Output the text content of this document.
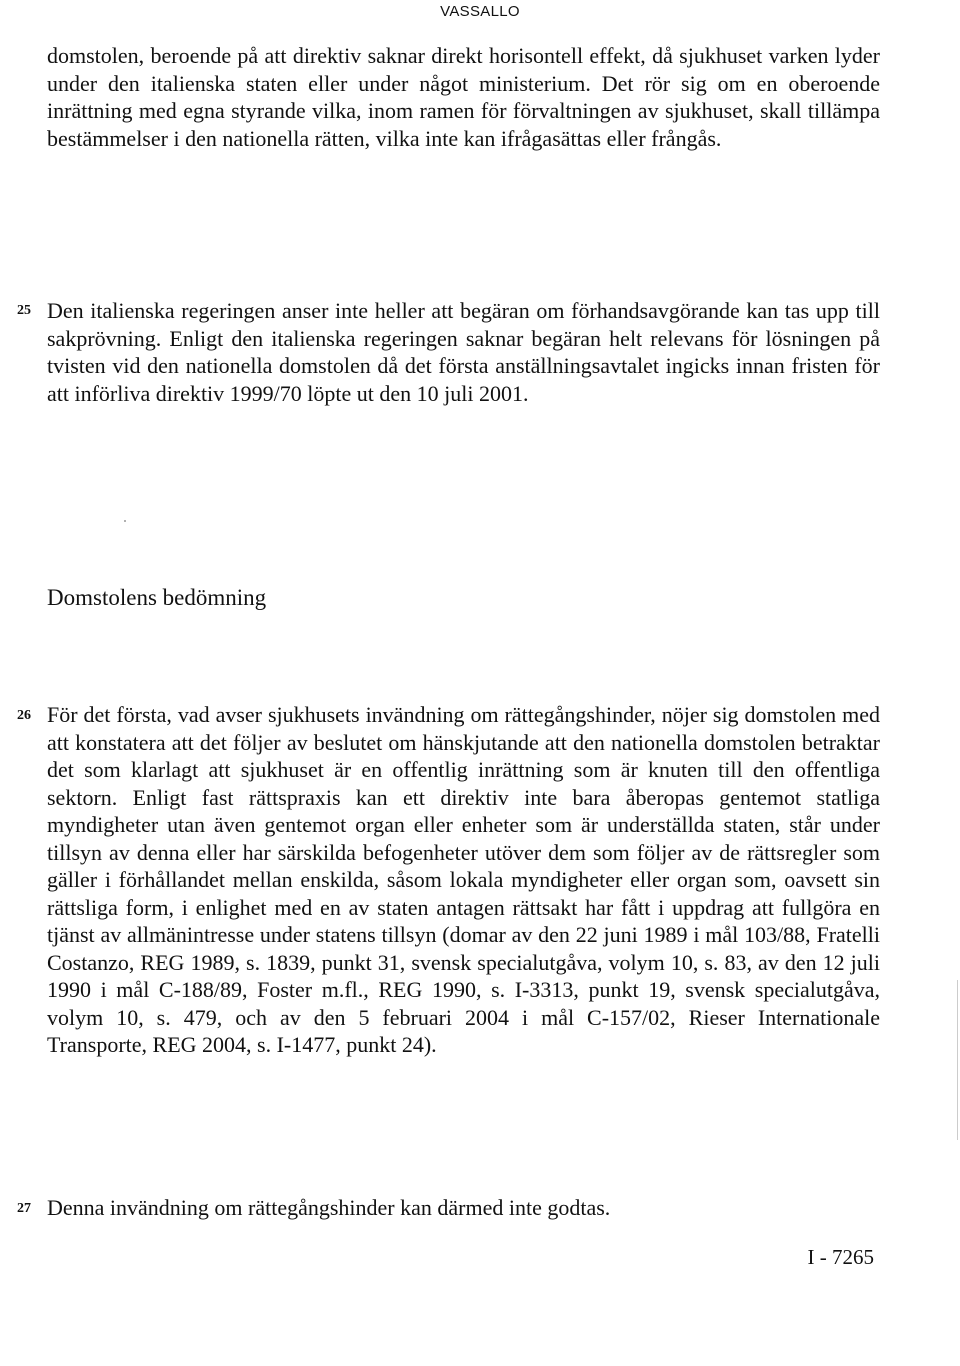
VASSALLO

domstolen, beroende på att direktiv saknar direkt horisontell effekt, då sjukhuset varken lyder under den italienska staten eller under något ministerium. Det rör sig om en oberoende inrättning med egna styrande vilka, inom ramen för förvaltningen av sjukhuset, skall tillämpa bestämmelser i den nationella rätten, vilka inte kan ifrågasättas eller frångås.

25 Den italienska regeringen anser inte heller att begäran om förhandsavgörande kan tas upp till sakprövning. Enligt den italienska regeringen saknar begäran helt relevans för lösningen på tvisten vid den nationella domstolen då det första anställningsavtalet ingicks innan fristen för att införliva direktiv 1999/70 löpte ut den 10 juli 2001.

Domstolens bedömning
26 För det första, vad avser sjukhusets invändning om rättegångshinder, nöjer sig domstolen med att konstatera att det följer av beslutet om hänskjutande att den nationella domstolen betraktar det som klarlagt att sjukhuset är en offentlig inrättning som är knuten till den offentliga sektorn. Enligt fast rättspraxis kan ett direktiv inte bara åberopas gentemot statliga myndigheter utan även gentemot organ eller enheter som är underställda staten, står under tillsyn av denna eller har särskilda befogenheter utöver dem som följer av de rättsregler som gäller i förhållandet mellan enskilda, såsom lokala myndigheter eller organ som, oavsett sin rättsliga form, i enlighet med en av staten antagen rättsakt har fått i uppdrag att fullgöra en tjänst av allmänintresse under statens tillsyn (domar av den 22 juni 1989 i mål 103/88, Fratelli Costanzo, REG 1989, s. 1839, punkt 31, svensk specialutgåva, volym 10, s. 83, av den 12 juli 1990 i mål C-188/89, Foster m.fl., REG 1990, s. I-3313, punkt 19, svensk specialutgåva, volym 10, s. 479, och av den 5 februari 2004 i mål C-157/02, Rieser Internationale Transporte, REG 2004, s. I-1477, punkt 24).

27 Denna invändning om rättegångshinder kan därmed inte godtas.

I - 7265
